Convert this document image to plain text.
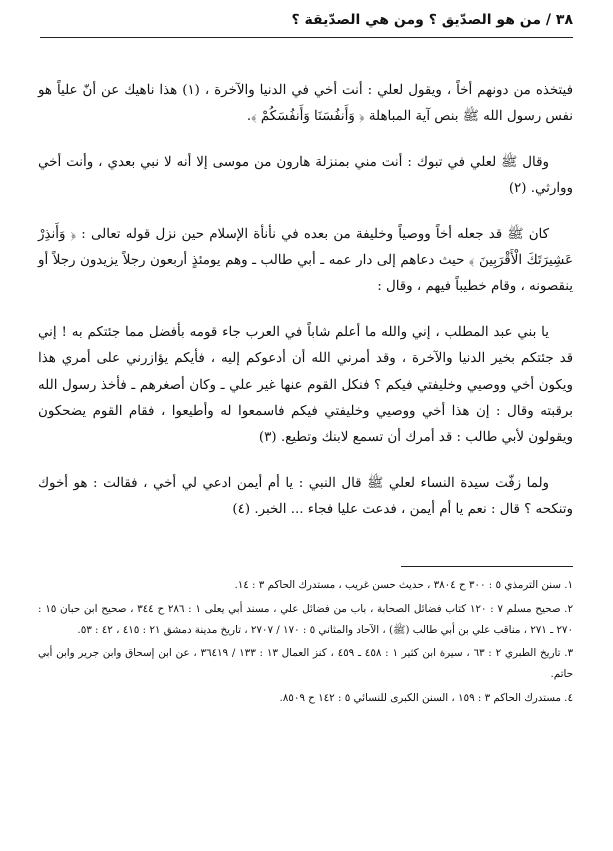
٣٨ / من هو الصدّيق ؟ ومن هي الصدّيقة ؟

فيتخذه من دونهم أخاً ، ويقول لعلي : أنت أخي في الدنيا والآخرة ، (١) هذا ناهيك عن أنّ علياً هو نفس رسول الله ﷺ بنص آية المباهلة ﴿ وَأَنفُسَنَا وَأَنفُسَكُمْ ﴾.

وقال ﷺ لعلي في تبوك : أنت مني بمنزلة هارون من موسى إلا أنه لا نبي بعدي ، وأنت أخي ووارثي. (٢)

كان ﷺ قد جعله أخاً ووصياً وخليفة من بعده في نأنأة الإسلام حين نزل قوله تعالى : ﴿ وَأَنذِرْ عَشِيرَتَكَ الْأَقْرَبِينَ ﴾ حيث دعاهم إلى دار عمه ـ أبي طالب ـ وهم يومئذٍ أربعون رجلاً يزيدون رجلاً أو ينقصونه ، وقام خطيباً فيهم ، وقال :

يا بني عبد المطلب ، إني والله ما أعلم شاباً في العرب جاء قومه بأفضل مما جئتكم به ! إني قد جئتكم بخير الدنيا والآخرة ، وقد أمرني الله أن أدعوكم إليه ، فأيكم يؤازرني على أمري هذا ويكون أخي ووصيي وخليفتي فيكم ؟ فنكل القوم عنها غير علي ـ وكان أصغرهم ـ فأخذ رسول الله برقبته وقال : إن هذا أخي ووصيي وخليفتي فيكم فاسمعوا له وأطيعوا ، فقام القوم يضحكون ويقولون لأبي طالب : قد أمرك أن تسمع لابنك وتطيع. (٣)

ولما زفّت سيدة النساء لعلي ﷺ قال النبي : يا أم أيمن ادعي لي أخي ، فقالت : هو أخوك وتنكحه ؟ قال : نعم يا أم أيمن ، فدعت عليا فجاء ... الخبر. (٤)

١. سنن الترمذي ٥ : ٣٠٠ ح ٣٨٠٤ ، حديث حسن غريب ، مستدرك الحاكم ٣ : ١٤.

٢. صحيح مسلم ٧ : ١٢٠ كتاب فضائل الصحابة ، باب من فضائل علي ، مسند أبي يعلى ١ : ٢٨٦ ح ٣٤٤ ، صحيح ابن حبان ١٥ : ٢٧٠ ـ ٢٧١ ، مناقب علي بن أبي طالب (ﷺ) ، الآحاد والمثاني ٥ : ١٧٠ / ٢٧٠٧ ، تاريخ مدينة دمشق ٢١ : ٤١٥ ، ٤٢ : ٥٣.

٣. تاريخ الطبري ٢ : ٦٣ ، سيرة ابن كثير ١ : ٤٥٨ ـ ٤٥٩ ، كنز العمال ١٣ : ١٣٣ / ٣٦٤١٩ ، عن ابن إسحاق وابن جرير وابن أبي حاتم.

٤. مستدرك الحاكم ٣ : ١٥٩ ، السنن الكبرى للنسائي ٥ : ١٤٢ ح ٨٥٠٩.
